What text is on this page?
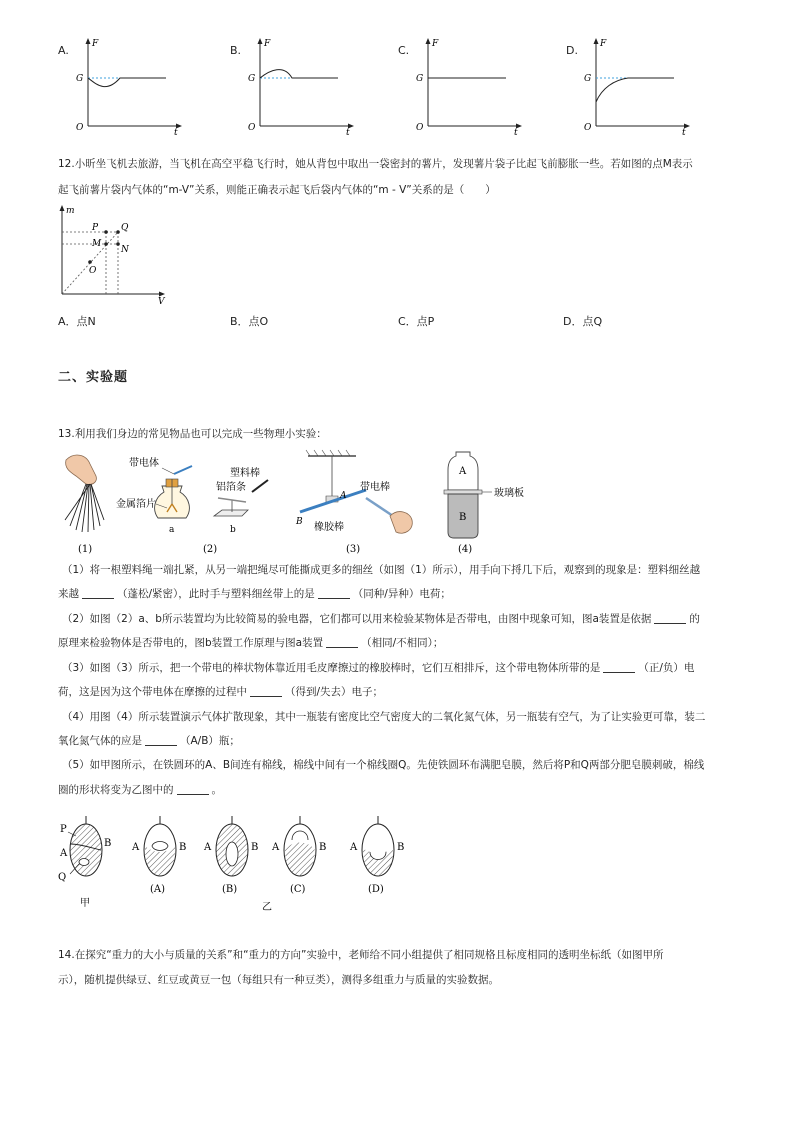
A.	F
G
O	t
B.	F
G
O	t
C.	F
G
O	t
D. F
G
O	t
12.小昕坐飞机去旅游，当飞机在高空平稳飞行时，她从背包中取出一袋密封的薯片，发现薯片袋子比起飞前膨胀一些。若如图的点M表示
起飞前薯片袋内气体的“m-V”关系，则能正确表示起飞后袋内气体的“m - V”关系的是（　　）
m
V
P	Q
M
N
O
A．点N	B．点O	C．点P	D．点Q
二、实验题
13.利用我们身边的常见物品也可以完成一些物理小实验：
(1)
带电体
金属箔片
a
塑料棒
铝箔条
b
(2)
带电棒
A
B 橡胶棒
(3)
A
B
玻璃板
(4)
（1）将一根塑料绳一端扎紧，从另一端把绳尽可能撕成更多的细丝（如图（1）所示），用手向下捋几下后，观察到的现象是：塑料细丝越
来越	（蓬松/紧密），此时手与塑料细丝带上的是	（同种/异种）电荷；
（2）如图（2）a、b所示装置均为比较简易的验电器，它们都可以用来检验某物体是否带电，由图中现象可知，图a装置是依据	的
原理来检验物体是否带电的，图b装置工作原理与图a装置	（相同/不相同）；
（3）如图（3）所示，把一个带电的棒状物体靠近用毛皮摩擦过的橡胶棒时，它们互相排斥，这个带电物体所带的是	（正/负）电
荷，这是因为这个带电体在摩擦的过程中	（得到/失去）电子；
（4）用图（4）所示装置演示气体扩散现象，其中一瓶装有密度比空气密度大的二氧化氮气体，另一瓶装有空气，为了让实验更可靠，装二
氧化氮气体的应是	（A/B）瓶；
（5）如甲图所示，在铁圆环的A、B间连有棉线，棉线中间有一个棉线圈Q。先使铁圆环布满肥皂膜，然后将P和Q两部分肥皂膜刺破，棉线
圈的形状将变为乙图中的	。
P
A
B
Q
甲
A	B
(A)
A	B
(B)
A	B
(C)
A	B
(D)
乙
14.在探究“重力的大小与质量的关系”和“重力的方向”实验中，老师给不同小组提供了相同规格且标度相同的透明坐标纸（如图甲所
示），随机提供绿豆、红豆或黄豆一包（每组只有一种豆类），测得多组重力与质量的实验数据。
